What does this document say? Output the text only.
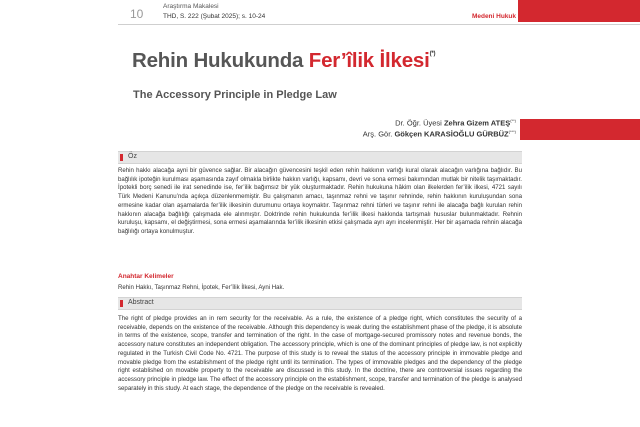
10
Araştırma Makalesi
THD, S. 222 (Şubat 2025); s. 10-24	Medeni Hukuk
Rehin Hukukunda Fer’îlik İlkesi(*)
The Accessory Principle in Pledge Law
Dr. Öğr. Üyesi Zehra Gizem ATEŞ(**)
Arş. Gör. Gökçen KARASİOĞLU GÜRBÜZ(***)
Öz
Rehin hakkı alacağa ayni bir güvence sağlar. Bir alacağın güvencesini teşkil eden rehin hakkının varlığı kural olarak alacağın varlığına bağlıdır. Bu bağlılık ipoteğin kurulması aşamasında zayıf olmakla birlikte hakkın varlığı, kapsamı, devri ve sona ermesi bakımından mutlak bir nitelik taşımaktadır. İpotekli borç senedi ile irat senedinde ise, fer’ilik bağımsız bir yük oluşturmaktadır. Rehin hukukuna hâkim olan ilkelerden fer’ilik ilkesi, 4721 sayılı Türk Medeni Kanunu’nda açıkça düzenlenmemiştir. Bu çalışmanın amacı, taşınmaz rehni ve taşınır rehninde, rehin hakkının kuruluşundan sona ermesine kadar olan aşamalarda fer’ilik ilkesinin durumunu ortaya koymaktır. Taşınmaz rehni türleri ve taşınır rehni ile alacağa bağlı kurulan rehin hakkının alacağa bağlılığı çalışmada ele alınmıştır. Doktrinde rehin hukukunda fer’ilik ilkesi hakkında tartışmalı hususlar bulunmaktadır. Rehnin kuruluşu, kapsamı, el değiştirmesi, sona ermesi aşamalarında fer’ilik ilkesinin etkisi çalışmada ayrı ayrı incelenmiştir. Her bir aşamada rehnin alacağa bağlılığı ortaya konulmuştur.
Anahtar Kelimeler
Rehin Hakkı, Taşınmaz Rehni, İpotek, Fer’îlik İlkesi, Ayni Hak.
Abstract
The right of pledge provides an in rem security for the receivable. As a rule, the existence of a pledge right, which constitutes the security of a receivable, depends on the existence of the receivable. Although this dependency is weak during the establishment phase of the pledge, it is absolute in terms of the existence, scope, transfer and termination of the right. In the case of mortgage-secured promissory notes and revenue bonds, the accessory nature constitutes an independent obligation. The accessory principle, which is one of the dominant principles of pledge law, is not explicitly regulated in the Turkish Civil Code No. 4721. The purpose of this study is to reveal the status of the accessory principle in immovable pledge and movable pledge from the establishment of the pledge right until its termination. The types of immovable pledges and the dependency of the pledge right established on movable property to the receivable are discussed in this study. In the doctrine, there are controversial issues regarding the accessory principle in pledge law. The effect of the accessory principle on the establishment, scope, transfer and termination of the pledge is analysed separately in this study. At each stage, the dependence of the pledge on the receivable is revealed.
